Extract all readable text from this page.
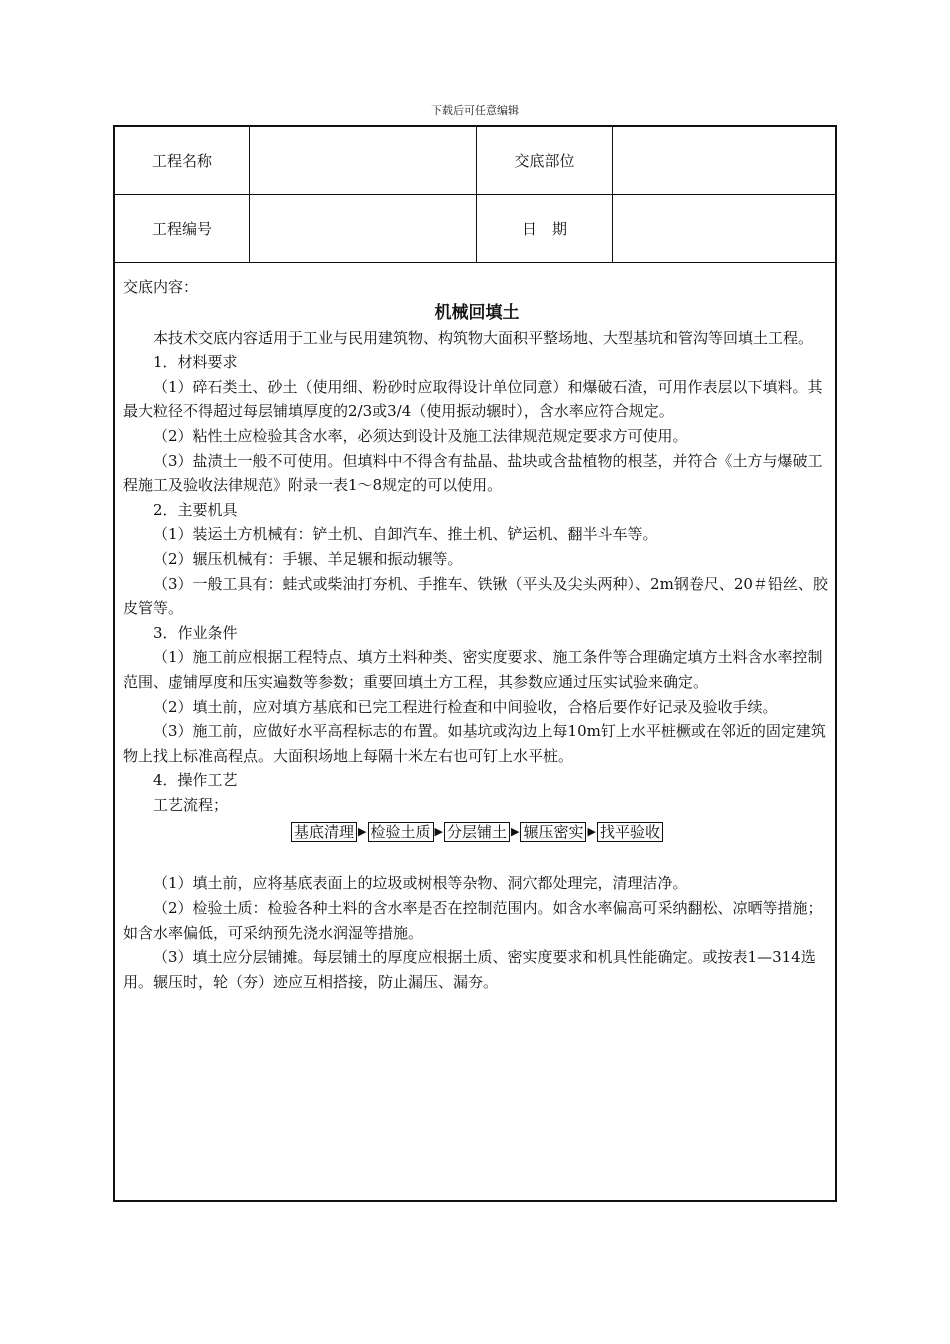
下载后可任意编辑
工程名称	交底部位
工程编号	日　期

交底内容：

机械回填土

本技术交底内容适用于工业与民用建筑物、构筑物大面积平整场地、大型基坑和管沟等回填土工程。

1．材料要求

（1）碎石类土、砂土（使用细、粉砂时应取得设计单位同意）和爆破石渣，可用作表层以下填料。其最大粒径不得超过每层铺填厚度的2/3或3/4（使用振动辗时），含水率应符合规定。

（2）粘性土应检验其含水率，必须达到设计及施工法律规范规定要求方可使用。

（3）盐渍土一般不可使用。但填料中不得含有盐晶、盐块或含盐植物的根茎，并符合《土方与爆破工程施工及验收法律规范》附录一表1～8规定的可以使用。

2．主要机具

（1）装运土方机械有：铲土机、自卸汽车、推土机、铲运机、翻半斗车等。

（2）辗压机械有：手辗、羊足辗和振动辗等。

（3）一般工具有：蛙式或柴油打夯机、手推车、铁锹（平头及尖头两种）、2m钢卷尺、20＃铅丝、胶皮管等。

3．作业条件

（1）施工前应根据工程特点、填方土料种类、密实度要求、施工条件等合理确定填方土料含水率控制范围、虚铺厚度和压实遍数等参数；重要回填土方工程，其参数应通过压实试验来确定。

（2）填土前，应对填方基底和已完工程进行检查和中间验收，合格后要作好记录及验收手续。

（3）施工前，应做好水平高程标志的布置。如基坑或沟边上每10m钉上水平桩橛或在邻近的固定建筑物上找上标准高程点。大面积场地上每隔十米左右也可钉上水平桩。

4．操作工艺

工艺流程；

基底清理 ▶ 检验土质 ▶ 分层铺土 ▶ 辗压密实 ▶ 找平验收

（1）填土前，应将基底表面上的垃圾或树根等杂物、洞穴都处理完，清理洁净。

（2）检验土质：检验各种土料的含水率是否在控制范围内。如含水率偏高可采纳翻松、凉晒等措施；如含水率偏低，可采纳预先浇水润湿等措施。

（3）填土应分层铺摊。每层铺土的厚度应根据土质、密实度要求和机具性能确定。或按表1—314选用。辗压时，轮（夯）迹应互相搭接，防止漏压、漏夯。
